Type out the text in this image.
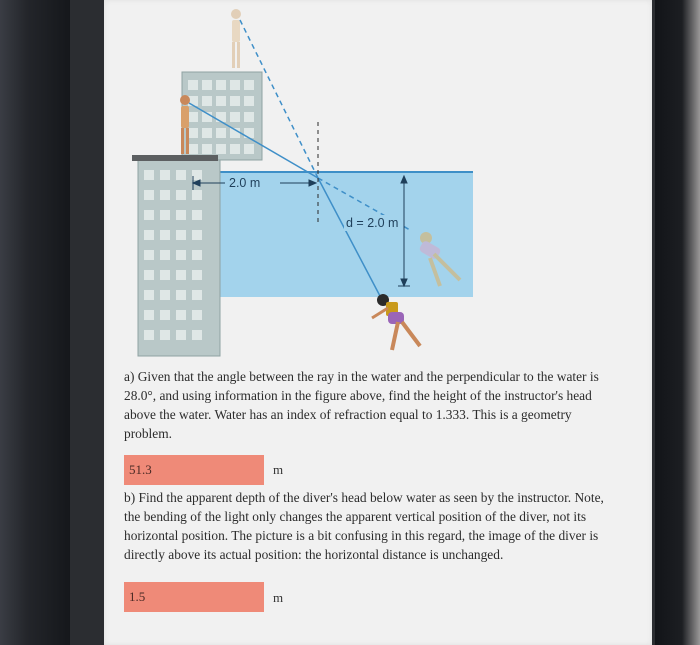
2.0 m
d = 2.0 m
a) Given that the angle between the ray in the water and the perpendicular to the water is 28.0°, and using information in the figure above, find the height of the instructor's head above the water. Water has an index of refraction equal to 1.333. This is a geometry problem.
51.3	m
b) Find the apparent depth of the diver's head below water as seen by the instructor. Note, the bending of the light only changes the apparent vertical position of the diver, not its horizontal position. The picture is a bit confusing in this regard, the image of the diver is directly above its actual position: the horizontal distance is unchanged.
1.5	m
